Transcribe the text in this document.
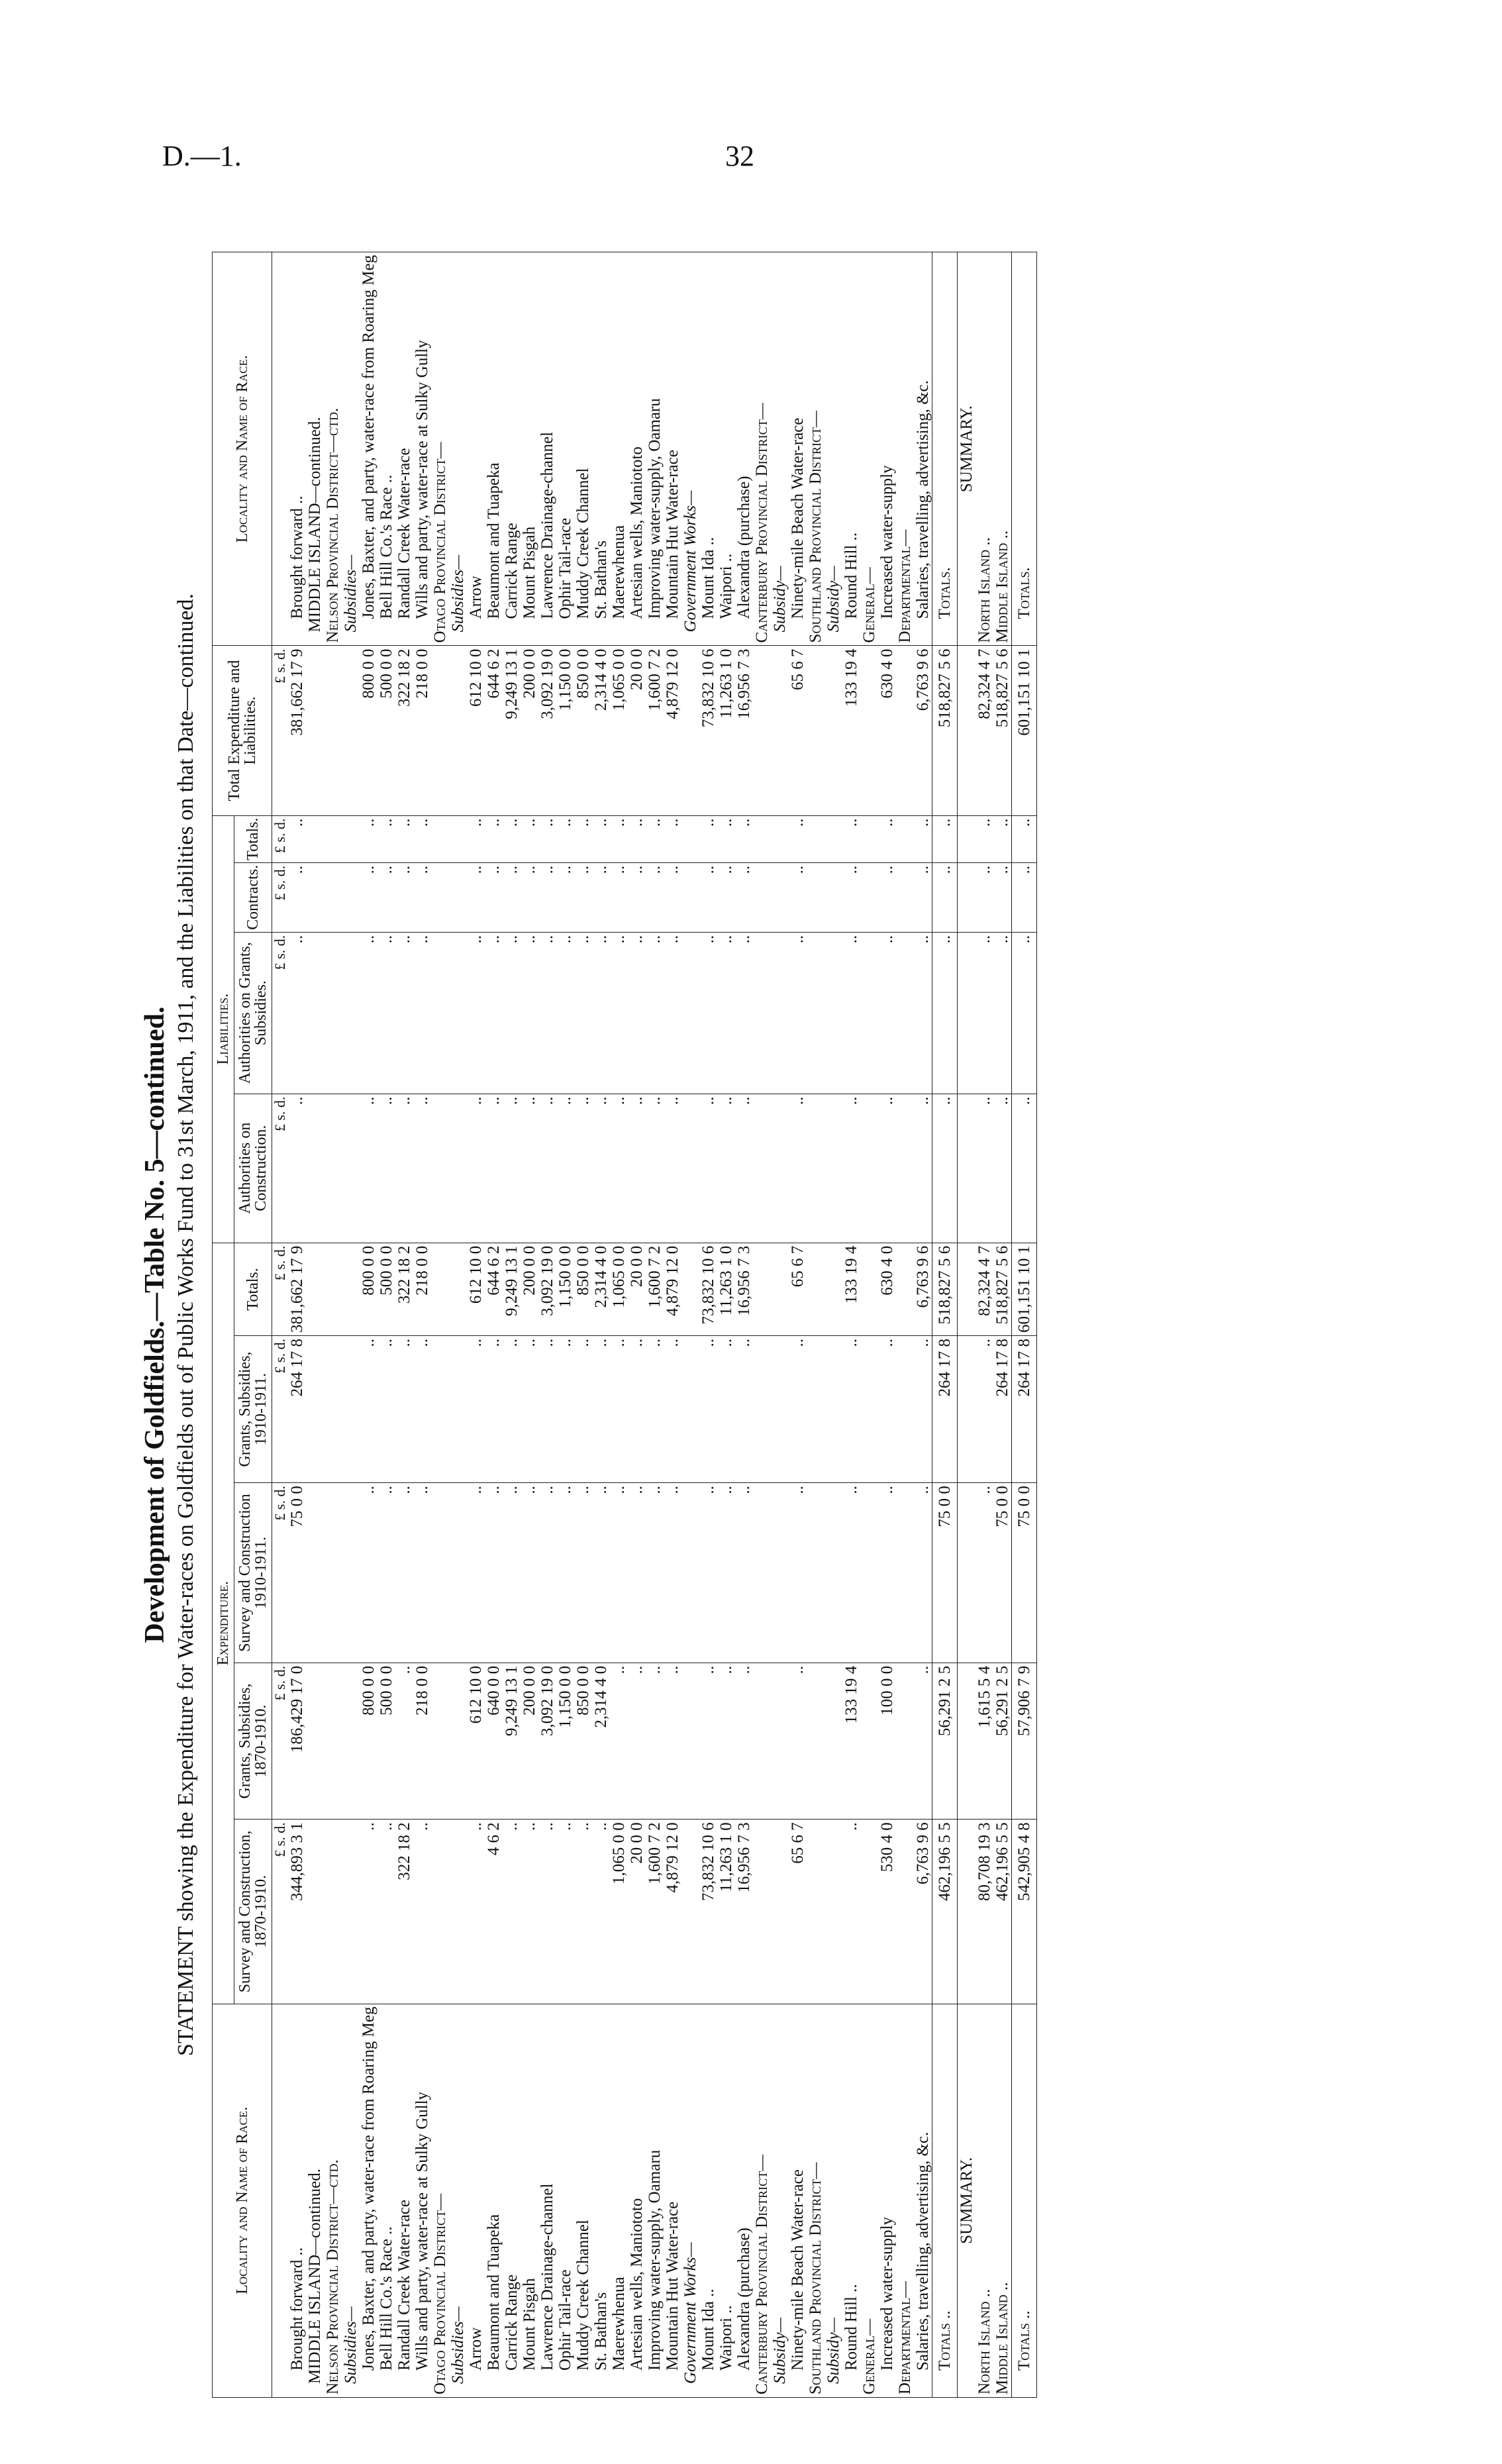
D.—1.	32
Development of Goldfields.—Table No. 5—continued. STATEMENT showing the Expenditure for Water-races on Goldfields out of Public Works Fund to 31st March, 1911, and the Liabilities on that Date—continued.
Locality and Name of Race.	Expenditure.					Liabilities.				Total Expenditure and Liabilities.	Locality and Name of Race.
	Survey and Construction, 1870-1910.	Grants, Subsidies, 1870-1910.	Survey and Construction 1910-1911.	Grants, Subsidies, 1910-1911.	Totals.	Authorities on Construction.	Authorities on Grants, Subsidies.	Contracts.	Totals.		
	£ s. d.	£ s. d.	£ s. d.	£ s. d.	£ s. d.	£ s. d.	£ s. d.	£ s. d.	£ s. d.	£ s. d.	
Brought forward ..	344,893 3 1	186,429 17 0	75 0 0	264 17 8	381,662 17 9	..	..	..	..	381,662 17 9	Brought forward ..
MIDDLE ISLAND—continued.											MIDDLE ISLAND—continued.
Nelson Provincial District—ctd.											Nelson Provincial District—ctd.
Subsidies—											Subsidies—
Jones, Baxter, and party, water-race from Roaring Meg	..	800 0 0	..	..	800 0 0	..	..	..	..	800 0 0	Jones, Baxter, and party, water-race from Roaring Meg
Bell Hill Co.'s Race ..	..	500 0 0	..	..	500 0 0	..	..	..	..	500 0 0	Bell Hill Co.'s Race ..
Randall Creek Water-race	322 18 2	..	..	..	322 18 2	..	..	..	..	322 18 2	Randall Creek Water-race
Wills and party, water-race at Sulky Gully	..	218 0 0	..	..	218 0 0	..	..	..	..	218 0 0	Wills and party, water-race at Sulky Gully
Otago Provincial District—											Otago Provincial District—
Subsidies—											Subsidies—
Arrow	..	612 10 0	..	..	612 10 0	..	..	..	..	612 10 0	Arrow
Beaumont and Tuapeka	4 6 2	640 0 0	..	..	644 6 2	..	..	..	..	644 6 2	Beaumont and Tuapeka
Carrick Range	..	9,249 13 1	..	..	9,249 13 1	..	..	..	..	9,249 13 1	Carrick Range
Mount Pisgah	..	200 0 0	..	..	200 0 0	..	..	..	..	200 0 0	Mount Pisgah
Lawrence Drainage-channel	..	3,092 19 0	..	..	3,092 19 0	..	..	..	..	3,092 19 0	Lawrence Drainage-channel
Ophir Tail-race	..	1,150 0 0	..	..	1,150 0 0	..	..	..	..	1,150 0 0	Ophir Tail-race
Muddy Creek Channel	..	850 0 0	..	..	850 0 0	..	..	..	..	850 0 0	Muddy Creek Channel
St. Bathan's	..	2,314 4 0	..	..	2,314 4 0	..	..	..	..	2,314 4 0	St. Bathan's
Maerewhenua	1,065 0 0	..	..	..	1,065 0 0	..	..	..	..	1,065 0 0	Maerewhenua
Artesian wells, Maniototo	20 0 0	..	..	..	20 0 0	..	..	..	..	20 0 0	Artesian wells, Maniototo
Improving water-supply, Oamaru	1,600 7 2	..	..	..	1,600 7 2	..	..	..	..	1,600 7 2	Improving water-supply, Oamaru
Mountain Hut Water-race	4,879 12 0	..	..	..	4,879 12 0	..	..	..	..	4,879 12 0	Mountain Hut Water-race
Government Works—											Government Works—
Mount Ida ..	73,832 10 6	..	..	..	73,832 10 6	..	..	..	..	73,832 10 6	Mount Ida ..
Waipori ..	11,263 1 0	..	..	..	11,263 1 0	..	..	..	..	11,263 1 0	Waipori ..
Alexandra (purchase)	16,956 7 3	..	..	..	16,956 7 3	..	..	..	..	16,956 7 3	Alexandra (purchase)
Canterbury Provincial District—											Canterbury Provincial District—
Subsidy—											Subsidy—
Ninety-mile Beach Water-race	65 6 7	..	..	..	65 6 7	..	..	..	..	65 6 7	Ninety-mile Beach Water-race
Southland Provincial District—											Southland Provincial District—
Subsidy—											Subsidy—
Round Hill ..	..	133 19 4	..	..	133 19 4	..	..	..	..	133 19 4	Round Hill ..
General—											General—
Increased water-supply	530 4 0	100 0 0	..	..	630 4 0	..	..	..	..	630 4 0	Increased water-supply
Departmental—											Departmental—
Salaries, travelling, advertising, &c.	6,763 9 6	..	..	..	6,763 9 6	..	..	..	..	6,763 9 6	Salaries, travelling, advertising, &c.
Totals ..	462,196 5 5	56,291 2 5	75 0 0	264 17 8	518,827 5 6	..	..	..	..	518,827 5 6	Totals.
SUMMARY.											SUMMARY.
North Island ..	80,708 19 3	1,615 5 4	..	..	82,324 4 7	..	..	..	..	82,324 4 7	North Island ..
Middle Island ..	462,196 5 5	56,291 2 5	75 0 0	264 17 8	518,827 5 6	..	..	..	..	518,827 5 6	Middle Island ..
Totals ..	542,905 4 8	57,906 7 9	75 0 0	264 17 8	601,151 10 1	..	..	..	..	601,151 10 1	Totals.
